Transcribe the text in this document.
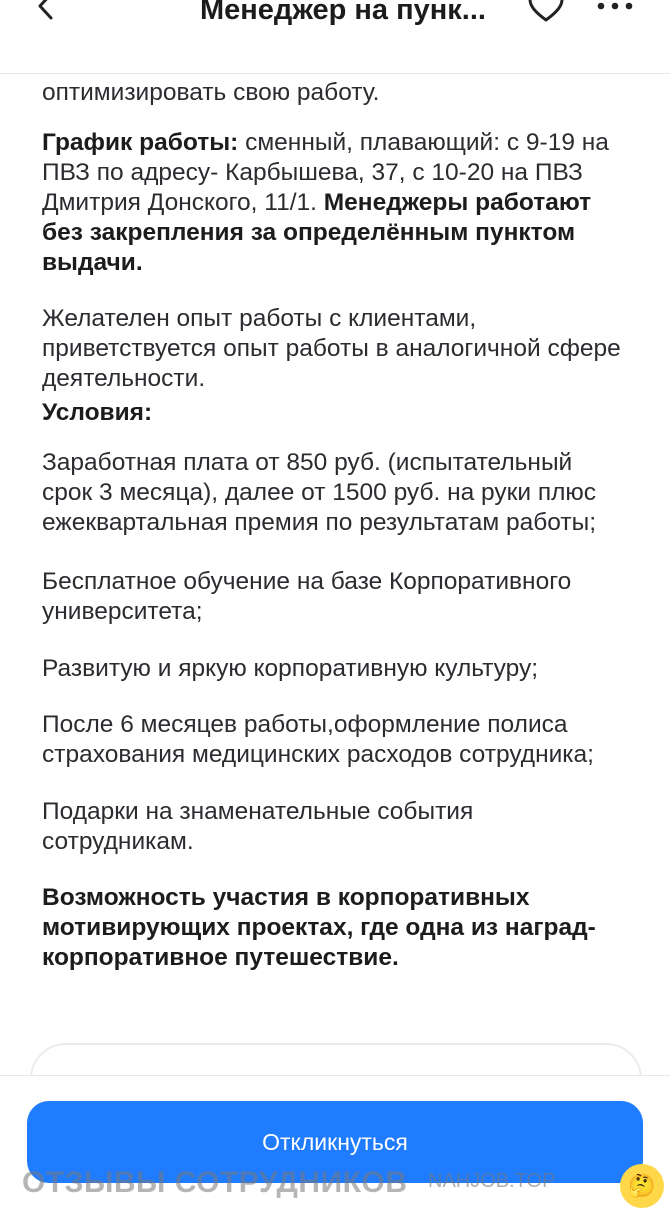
Менеджер на пунк...
оптимизировать свою работу.
График работы: сменный, плавающий: с 9-19 на ПВЗ по адресу- Карбышева, 37, с 10-20 на ПВЗ Дмитрия Донского, 11/1. Менеджеры работают без закрепления за определённым пунктом выдачи.
Желателен опыт работы с клиентами, приветствуется опыт работы в аналогичной сфере деятельности.
Условия:
Заработная плата от 850 руб. (испытательный срок 3 месяца), далее от 1500 руб. на руки плюс ежеквартальная премия по результатам работы;
Бесплатное обучение на базе Корпоративного университета;
Развитую и яркую корпоративную культуру;
После 6 месяцев работы,оформление полиса страхования медицинских расходов сотрудника;
Подарки на знаменательные события сотрудникам.
Возможность участия в корпоративных мотивирующих проектах, где одна из наград- корпоративное путешествие.
Откликнуться
ОТЗЫВЫ СОТРУДНИКОВ NAHJOB.TOP	🤔
